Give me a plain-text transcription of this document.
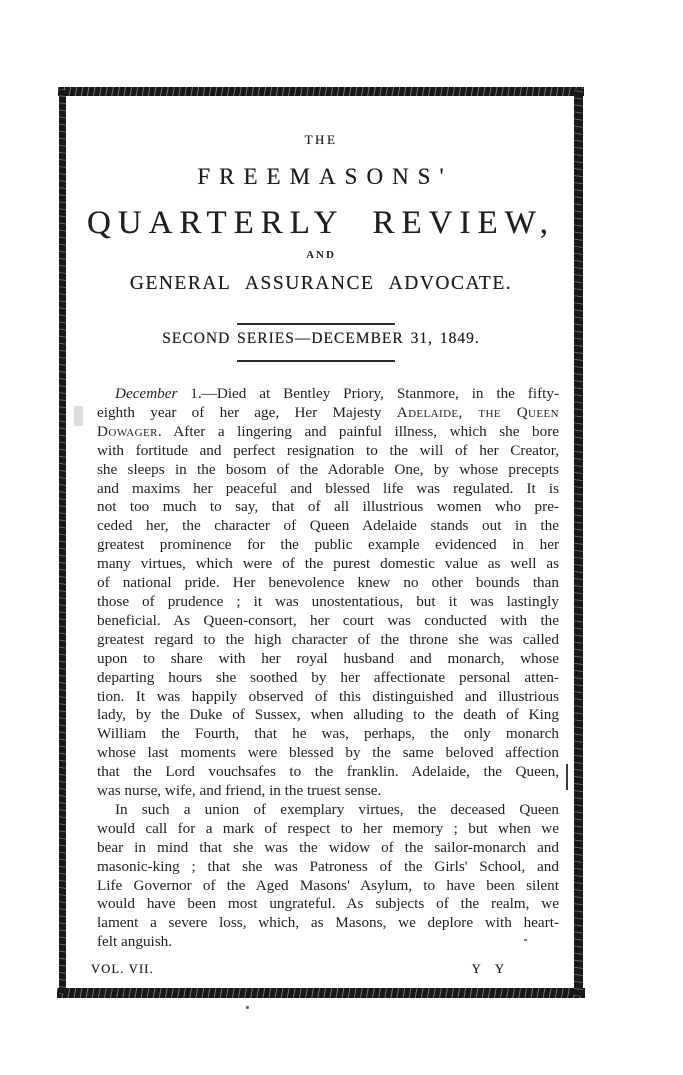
THE
FREEMASONS'
QUARTERLY REVIEW,
AND
GENERAL ASSURANCE ADVOCATE.
SECOND SERIES—DECEMBER 31, 1849.
December 1.—Died at Bentley Priory, Stanmore, in the fifty-
eighth year of her age, Her Majesty Adelaide, the Queen
Dowager. After a lingering and painful illness, which she bore
with fortitude and perfect resignation to the will of her Creator,
she sleeps in the bosom of the Adorable One, by whose precepts
and maxims her peaceful and blessed life was regulated. It is
not too much to say, that of all illustrious women who pre-
ceded her, the character of Queen Adelaide stands out in the
greatest prominence for the public example evidenced in her
many virtues, which were of the purest domestic value as well as
of national pride. Her benevolence knew no other bounds than
those of prudence ; it was unostentatious, but it was lastingly
beneficial. As Queen-consort, her court was conducted with the
greatest regard to the high character of the throne she was called
upon to share with her royal husband and monarch, whose
departing hours she soothed by her affectionate personal atten-
tion. It was happily observed of this distinguished and illustrious
lady, by the Duke of Sussex, when alluding to the death of King
William the Fourth, that he was, perhaps, the only monarch
whose last moments were blessed by the same beloved affection
that the Lord vouchsafes to the franklin. Adelaide, the Queen,
was nurse, wife, and friend, in the truest sense.
In such a union of exemplary virtues, the deceased Queen
would call for a mark of respect to her memory ; but when we
bear in mind that she was the widow of the sailor-monarch and
masonic-king ; that she was Patroness of the Girls' School, and
Life Governor of the Aged Masons' Asylum, to have been silent
would have been most ungrateful. As subjects of the realm, we
lament a severe loss, which, as Masons, we deplore with heart-
felt anguish.
VOL. VII.	Y Y
